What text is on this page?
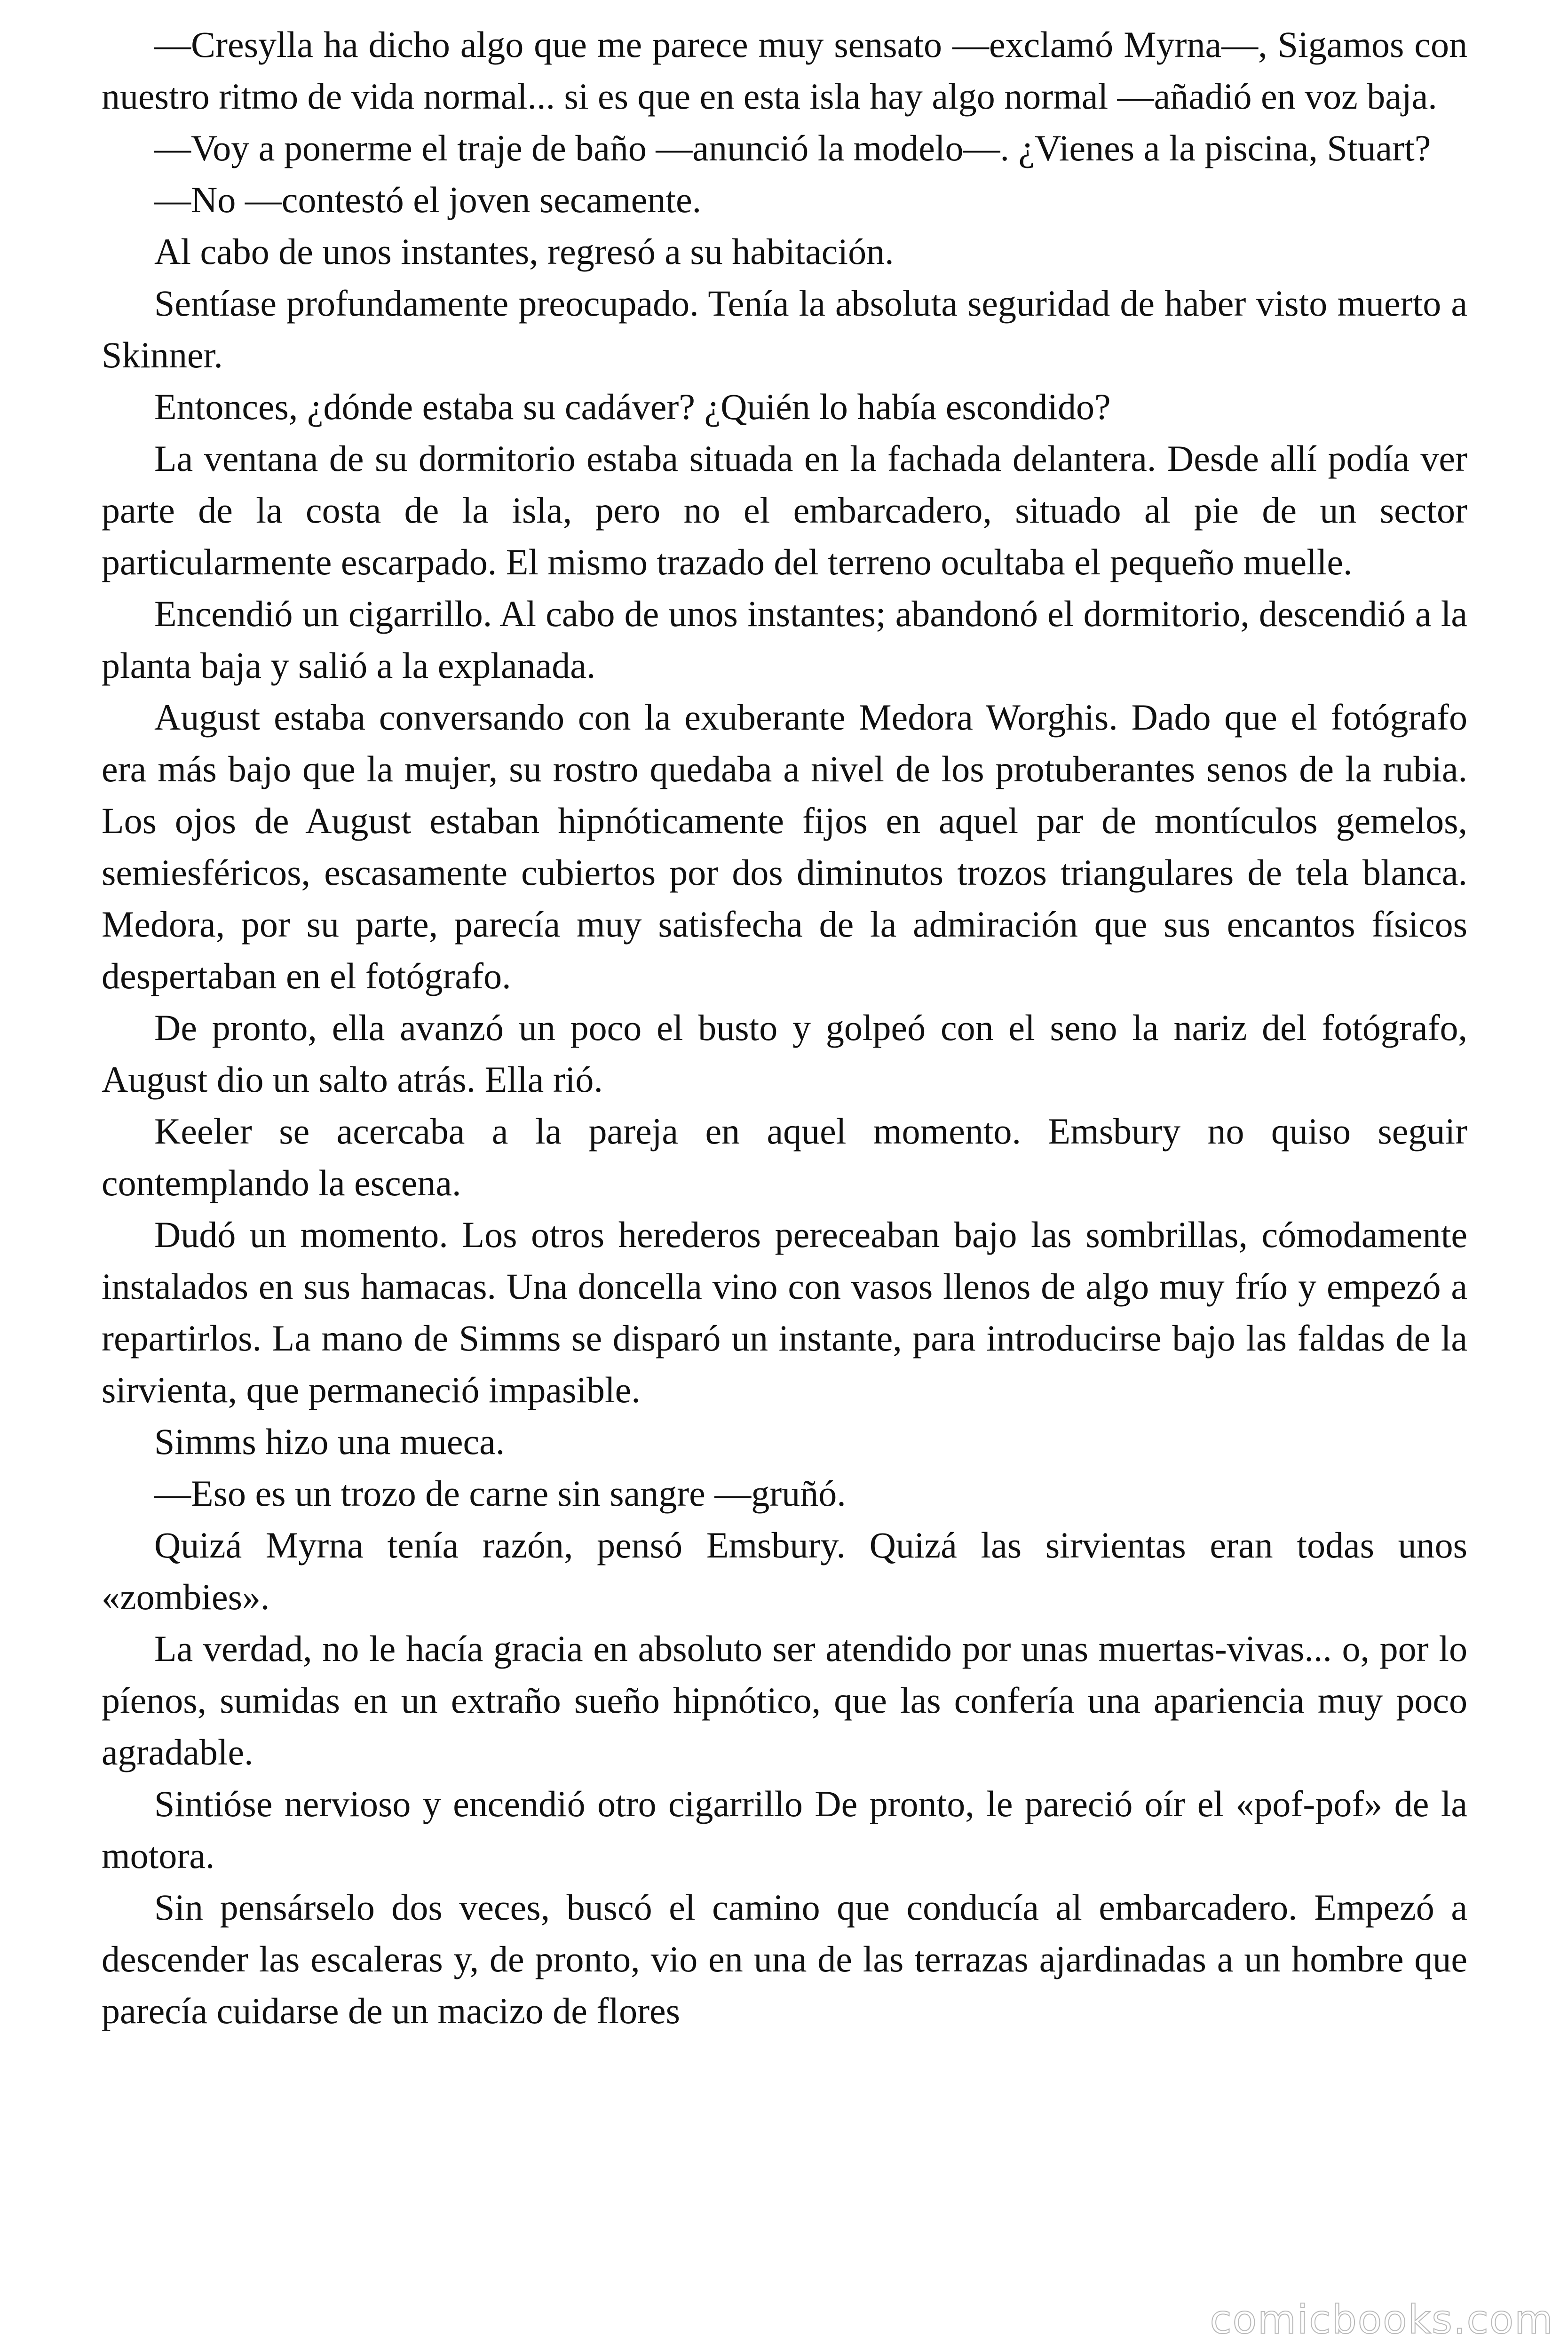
—Cresylla ha dicho algo que me parece muy sensato —exclamó Myrna—, Sigamos con nuestro ritmo de vida normal... si es que en esta isla hay algo normal —añadió en voz baja.

—Voy a ponerme el traje de baño —anunció la modelo—. ¿Vienes a la piscina, Stuart?

—No —contestó el joven secamente.

Al cabo de unos instantes, regresó a su habitación.

Sentíase profundamente preocupado. Tenía la absoluta seguridad de haber visto muerto a Skinner.

Entonces, ¿dónde estaba su cadáver? ¿Quién lo había escondido?

La ventana de su dormitorio estaba situada en la fachada delantera. Desde allí podía ver parte de la costa de la isla, pero no el embarcadero, situado al pie de un sector particularmente escarpado. El mismo trazado del terreno ocultaba el pequeño muelle.

Encendió un cigarrillo. Al cabo de unos instantes; abandonó el dormitorio, descendió a la planta baja y salió a la explanada.

August estaba conversando con la exuberante Medora Worghis. Dado que el fotógrafo era más bajo que la mujer, su rostro quedaba a nivel de los protuberantes senos de la rubia. Los ojos de August estaban hipnóticamente fijos en aquel par de montículos gemelos, semiesféricos, escasamente cubiertos por dos diminutos trozos triangulares de tela blanca. Medora, por su parte, parecía muy satisfecha de la admiración que sus encantos físicos despertaban en el fotógrafo.

De pronto, ella avanzó un poco el busto y golpeó con el seno la nariz del fotógrafo, August dio un salto atrás. Ella rió.

Keeler se acercaba a la pareja en aquel momento. Emsbury no quiso seguir contemplando la escena.

Dudó un momento. Los otros herederos pereceaban bajo las sombrillas, cómodamente instalados en sus hamacas. Una doncella vino con vasos llenos de algo muy frío y empezó a repartirlos. La mano de Simms se disparó un instante, para introducirse bajo las faldas de la sirvienta, que permaneció impasible.

Simms hizo una mueca.

—Eso es un trozo de carne sin sangre —gruñó.

Quizá Myrna tenía razón, pensó Emsbury. Quizá las sirvientas eran todas unos «zombies».

La verdad, no le hacía gracia en absoluto ser atendido por unas muertas-vivas... o, por lo píenos, sumidas en un extraño sueño hipnótico, que las confería una apariencia muy poco agradable.

Sintióse nervioso y encendió otro cigarrillo De pronto, le pareció oír el «pof-pof» de la motora.

Sin pensárselo dos veces, buscó el camino que conducía al embarcadero. Empezó a descender las escaleras y, de pronto, vio en una de las terrazas ajardinadas a un hombre que parecía cuidarse de un macizo de flores

comicbooks.com
